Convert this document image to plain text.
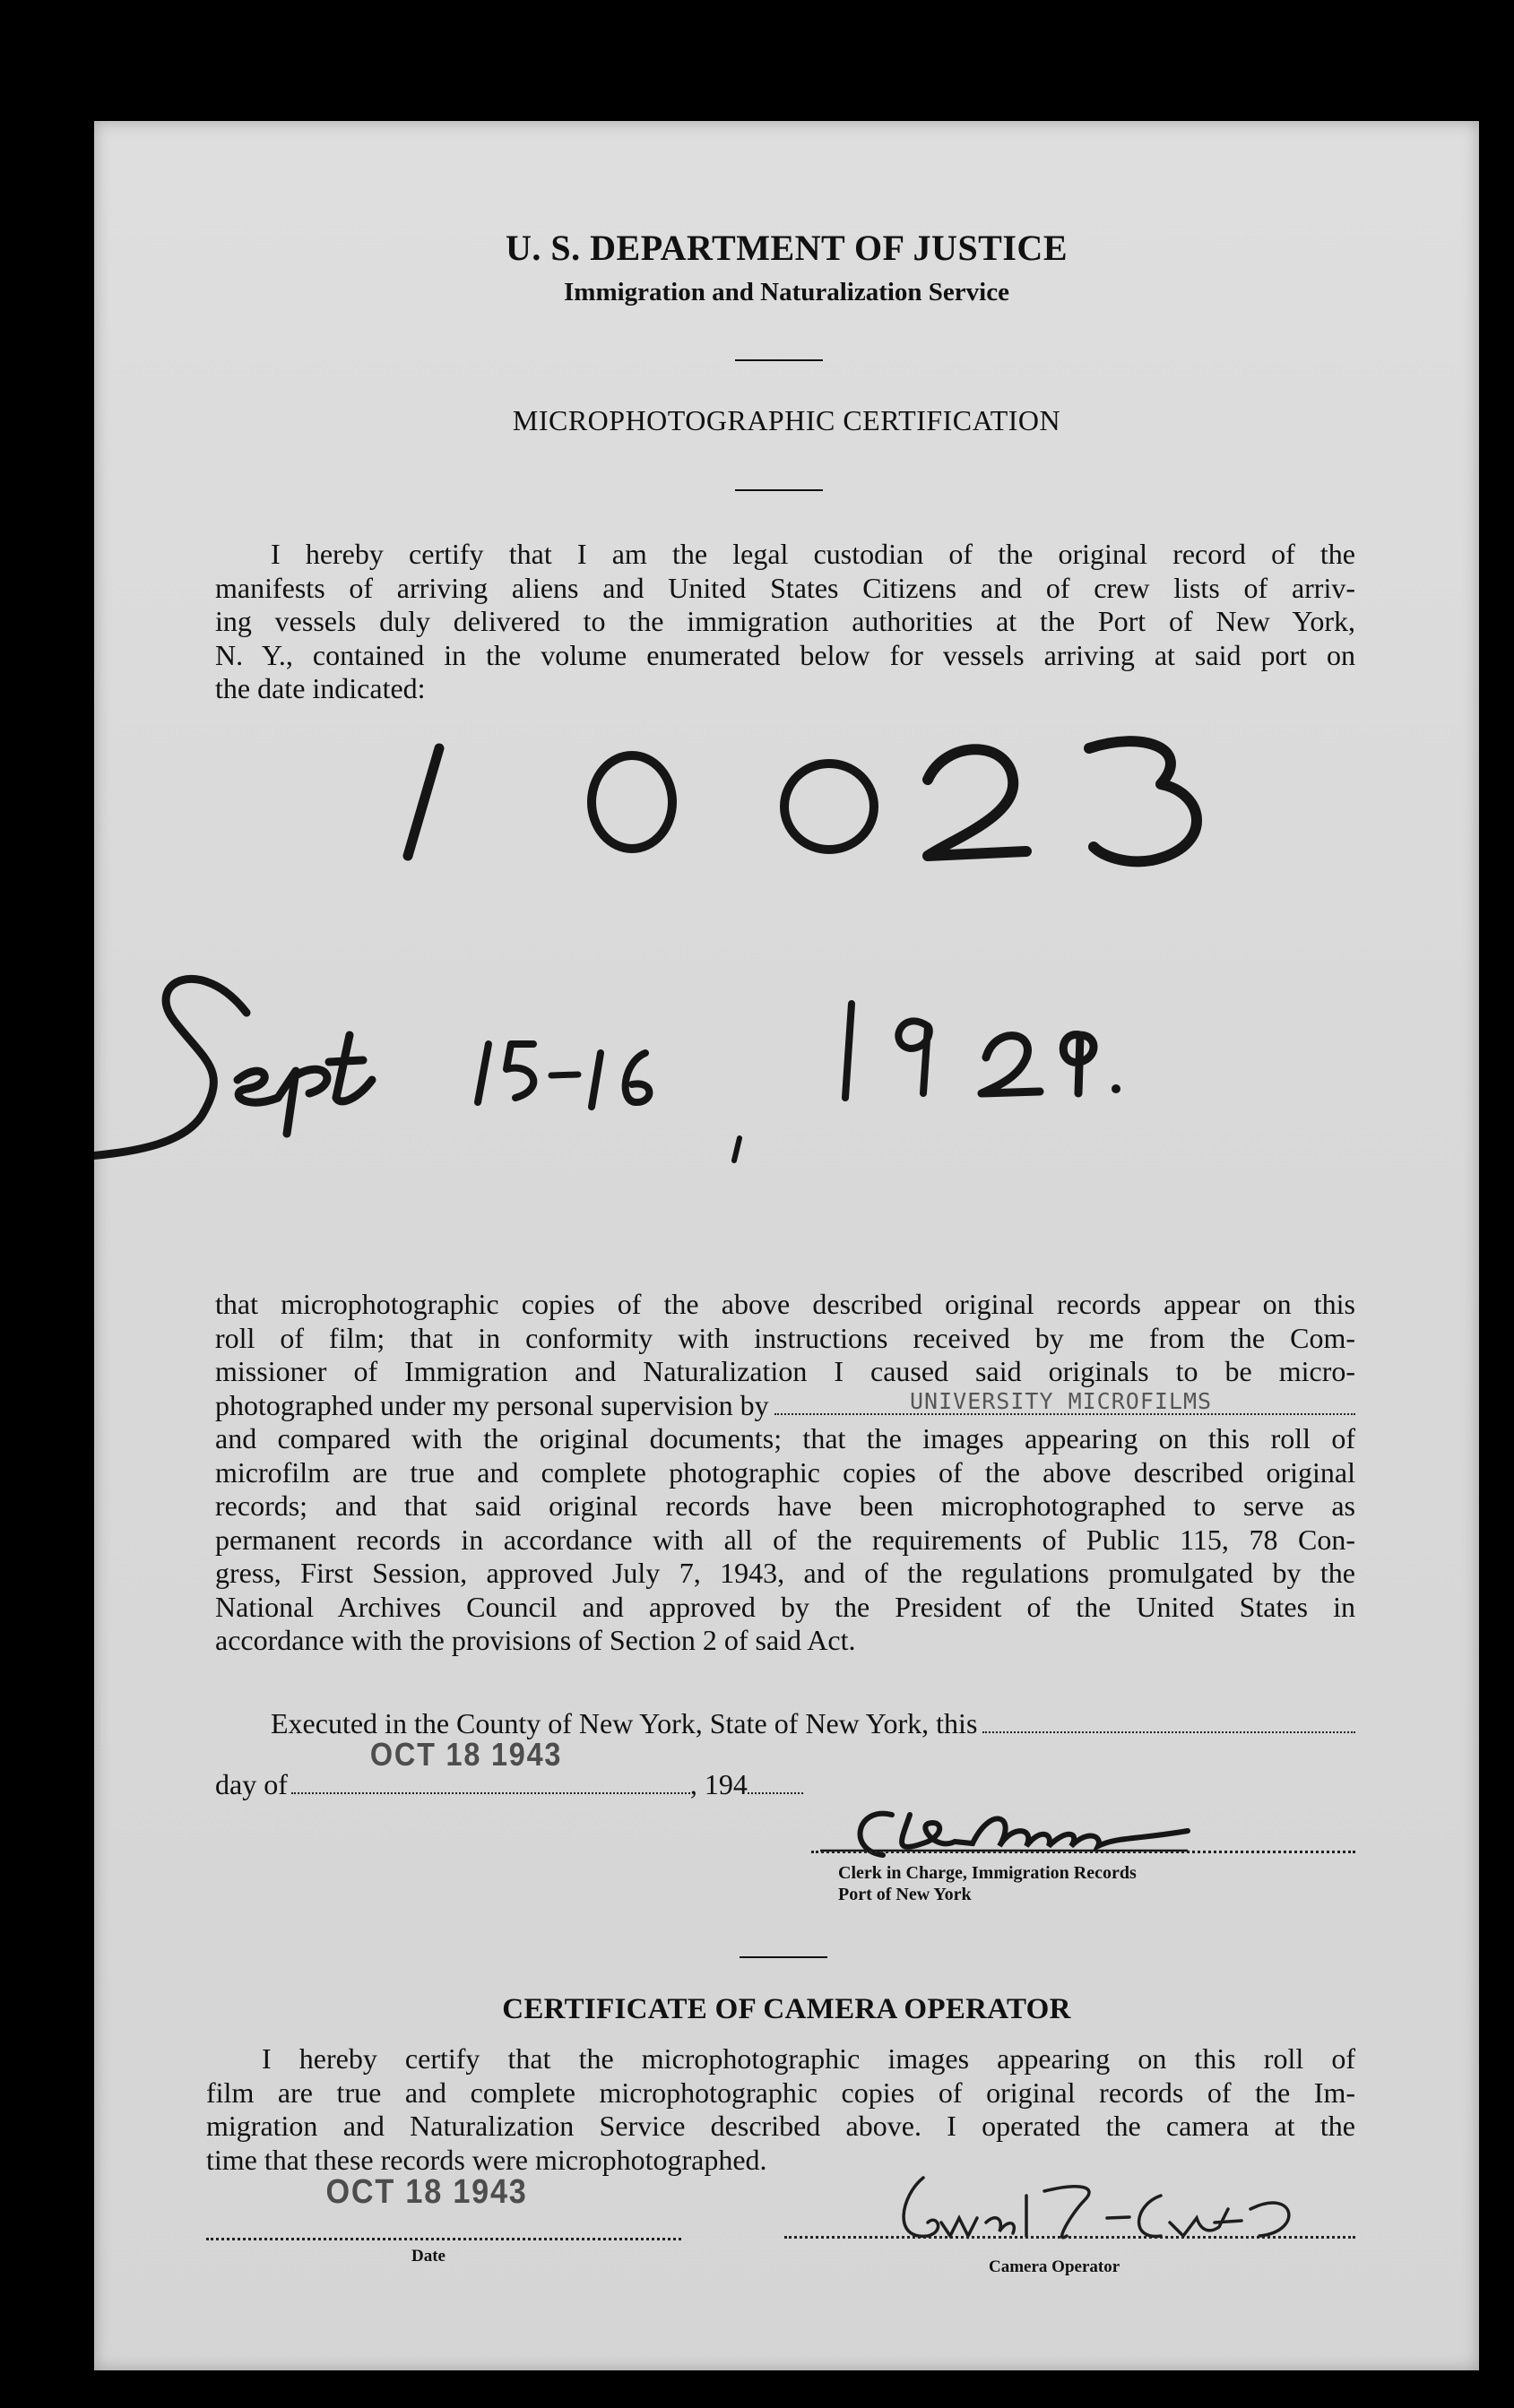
U. S. DEPARTMENT OF JUSTICE
Immigration and Naturalization Service
MICROPHOTOGRAPHIC CERTIFICATION
I hereby certify that I am the legal custodian of the original record of the
manifests of arriving aliens and United States Citizens and of crew lists of arriv-
ing vessels duly delivered to the immigration authorities at the Port of New York,
N. Y., contained in the volume enumerated below for vessels arriving at said port on
the date indicated:
that microphotographic copies of the above described original records appear on this
roll of film; that in conformity with instructions received by me from the Com-
missioner of Immigration and Naturalization I caused said originals to be micro-
photographed under my personal supervision by
and compared with the original documents; that the images appearing on this roll of
microfilm are true and complete photographic copies of the above described original
records; and that said original records have been microphotographed to serve as
permanent records in accordance with all of the requirements of Public 115, 78 Con-
gress, First Session, approved July 7, 1943, and of the regulations promulgated by the
National Archives Council and approved by the President of the United States in
accordance with the provisions of Section 2 of said Act.
UNIVERSITY MICROFILMS
Executed in the County of New York, State of New York, this
OCT 18 1943
day of	, 194
Clerk in Charge, Immigration Records
Port of New York
CERTIFICATE OF CAMERA OPERATOR
I hereby certify that the microphotographic images appearing on this roll of
film are true and complete microphotographic copies of original records of the Im-
migration and Naturalization Service described above. I operated the camera at the
time that these records were microphotographed.
OCT 18 1943
Date
Camera Operator
